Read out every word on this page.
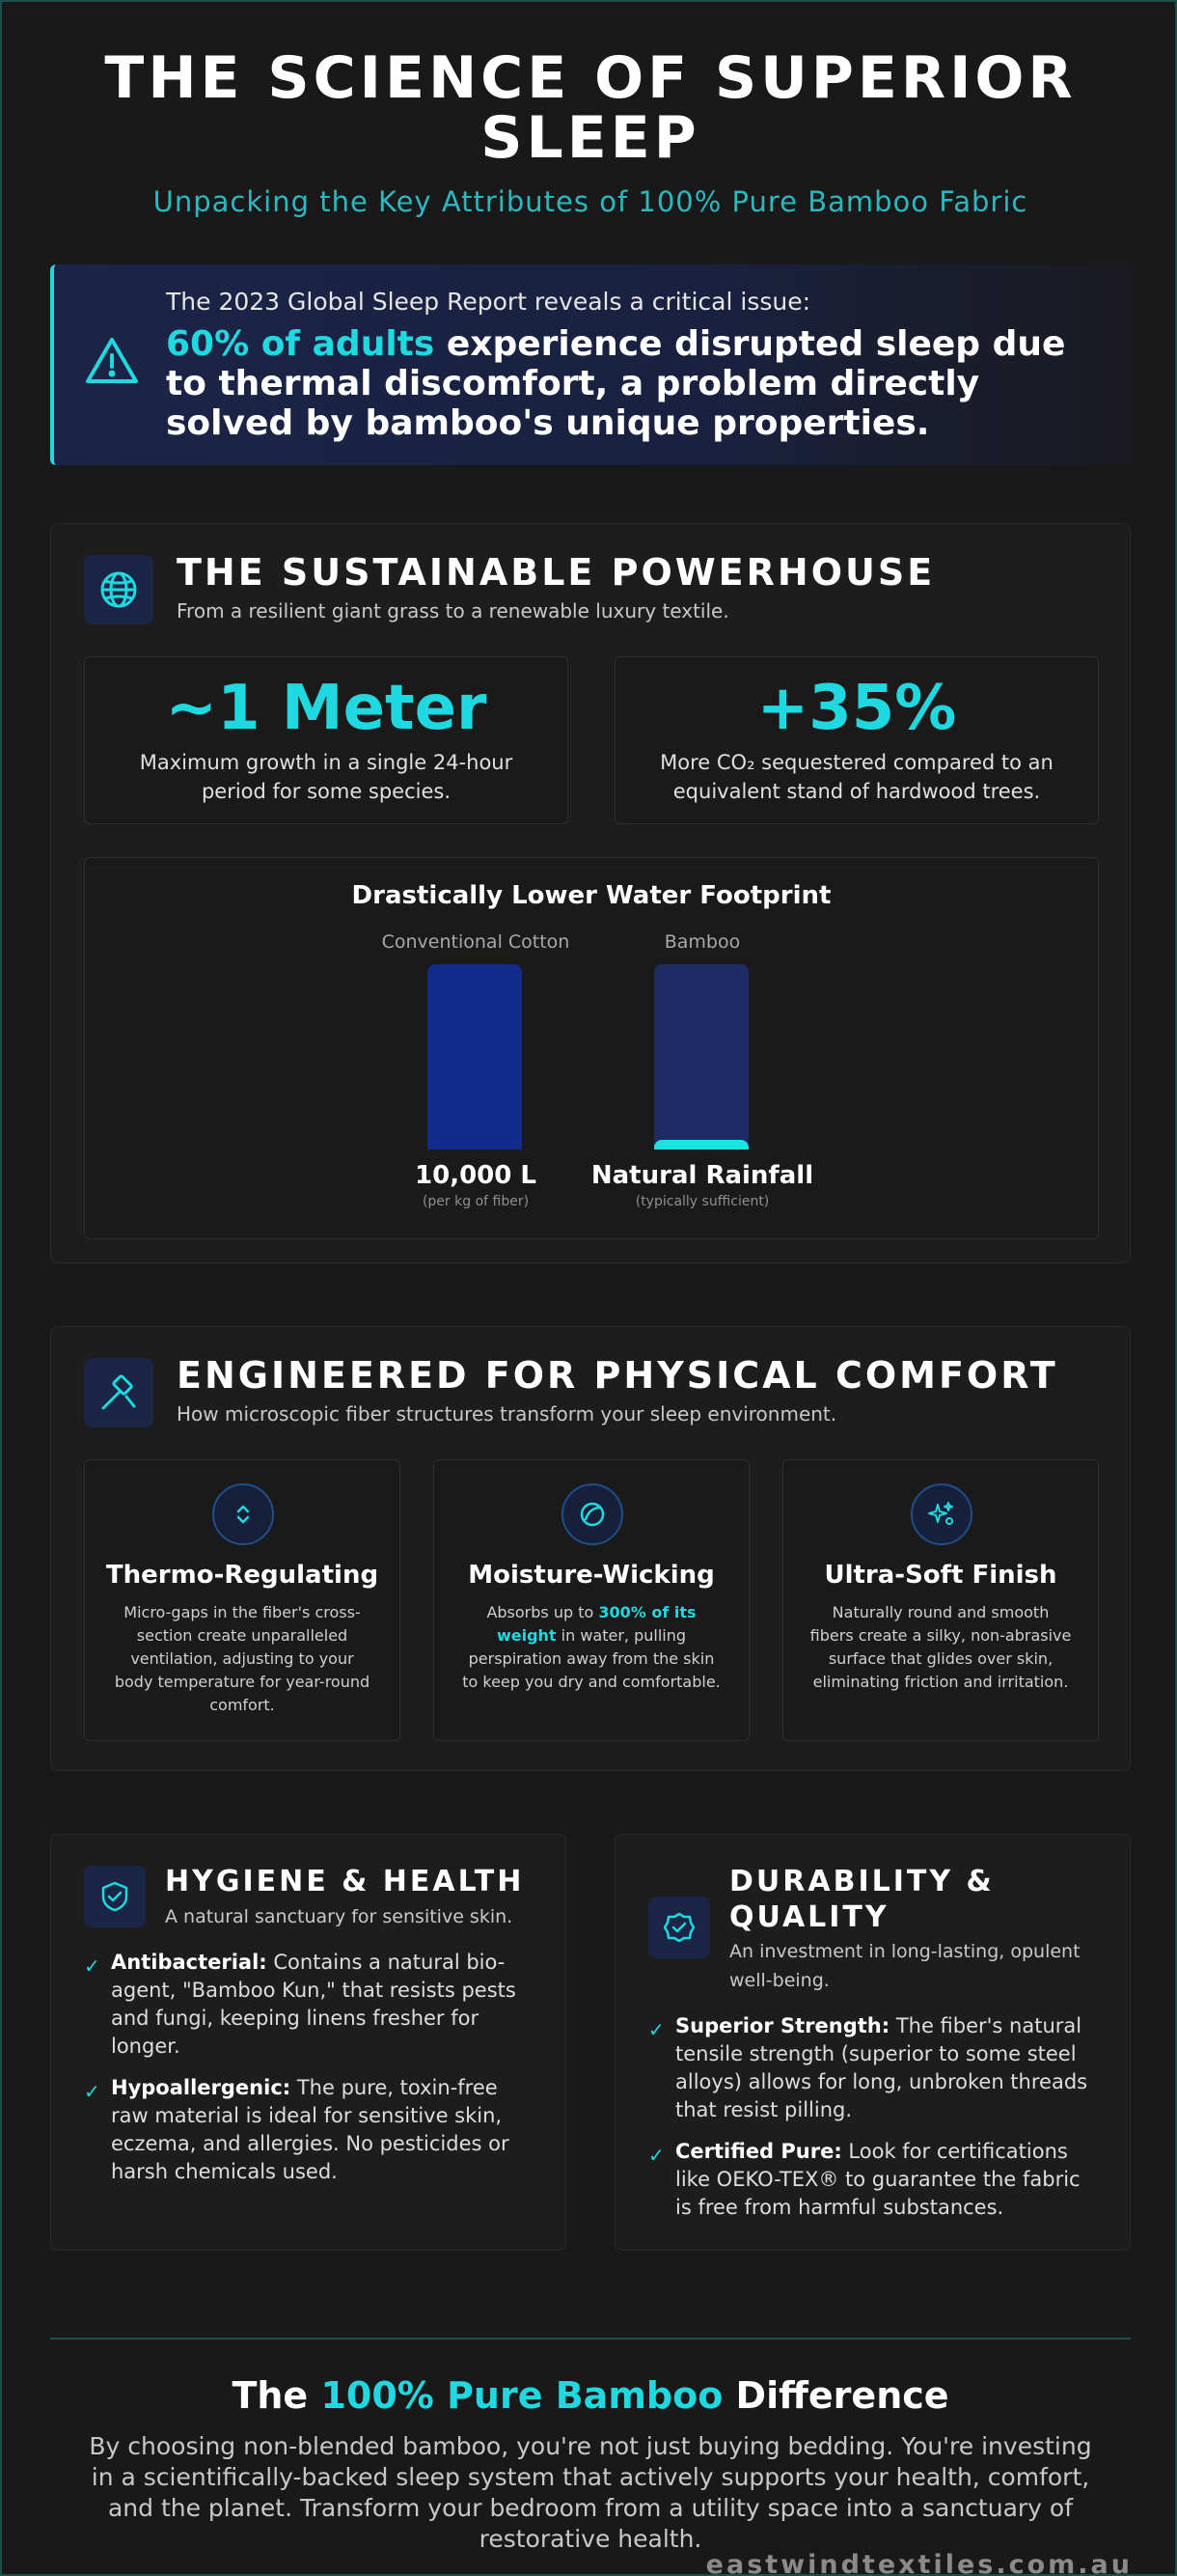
THE SCIENCE OF SUPERIOR SLEEP
Unpacking the Key Attributes of 100% Pure Bamboo Fabric
The 2023 Global Sleep Report reveals a critical issue:
60% of adults experience disrupted sleep due to thermal discomfort, a problem directly solved by bamboo's unique properties.
THE SUSTAINABLE POWERHOUSE
From a resilient giant grass to a renewable luxury textile.
~1 Meter
Maximum growth in a single 24-hour period for some species.
+35%
More CO₂ sequestered compared to an equivalent stand of hardwood trees.
Drastically Lower Water Footprint
Conventional Cotton
10,000 L
(per kg of fiber)
Bamboo
Natural Rainfall
(typically sufficient)
ENGINEERED FOR PHYSICAL COMFORT
How microscopic fiber structures transform your sleep environment.
Thermo-Regulating
Micro-gaps in the fiber's cross-section create unparalleled ventilation, adjusting to your body temperature for year-round comfort.
Moisture-Wicking
Absorbs up to 300% of its weight in water, pulling perspiration away from the skin to keep you dry and comfortable.
Ultra-Soft Finish
Naturally round and smooth fibers create a silky, non-abrasive surface that glides over skin, eliminating friction and irritation.
HYGIENE & HEALTH
A natural sanctuary for sensitive skin.
✓ Antibacterial: Contains a natural bio-agent, "Bamboo Kun," that resists pests and fungi, keeping linens fresher for longer.
✓ Hypoallergenic: The pure, toxin-free raw material is ideal for sensitive skin, eczema, and allergies. No pesticides or harsh chemicals used.
DURABILITY & QUALITY
An investment in long-lasting, opulent well-being.
✓ Superior Strength: The fiber's natural tensile strength (superior to some steel alloys) allows for long, unbroken threads that resist pilling.
✓ Certified Pure: Look for certifications like OEKO-TEX® to guarantee the fabric is free from harmful substances.
The 100% Pure Bamboo Difference
By choosing non-blended bamboo, you're not just buying bedding. You're investing in a scientifically-backed sleep system that actively supports your health, comfort, and the planet. Transform your bedroom from a utility space into a sanctuary of restorative health.
eastwindtextiles.com.au
